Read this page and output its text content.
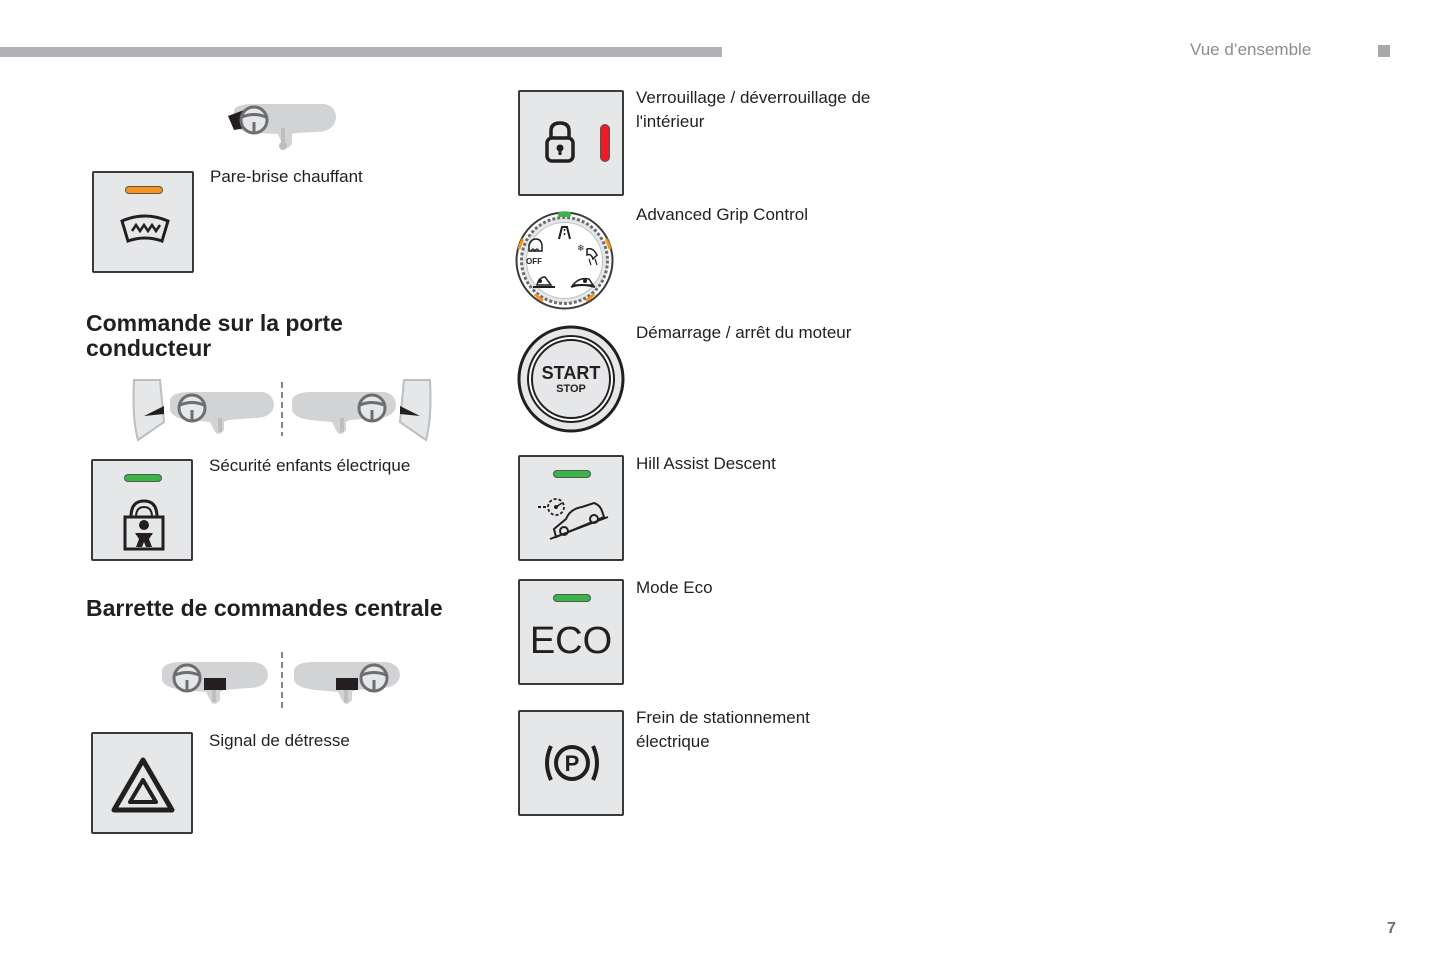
Vue d’ensemble
7
Pare-brise chauffant
Commande sur la porte
conducteur
Sécurité enfants électrique
Barrette de commandes centrale
Signal de détresse
Verrouillage / déverrouillage de
l'intérieur
OFF
❄
Advanced Grip Control
START
STOP
Démarrage / arrêt du moteur
Hill Assist Descent
ECO
Mode Eco
P
Frein de stationnement
électrique
